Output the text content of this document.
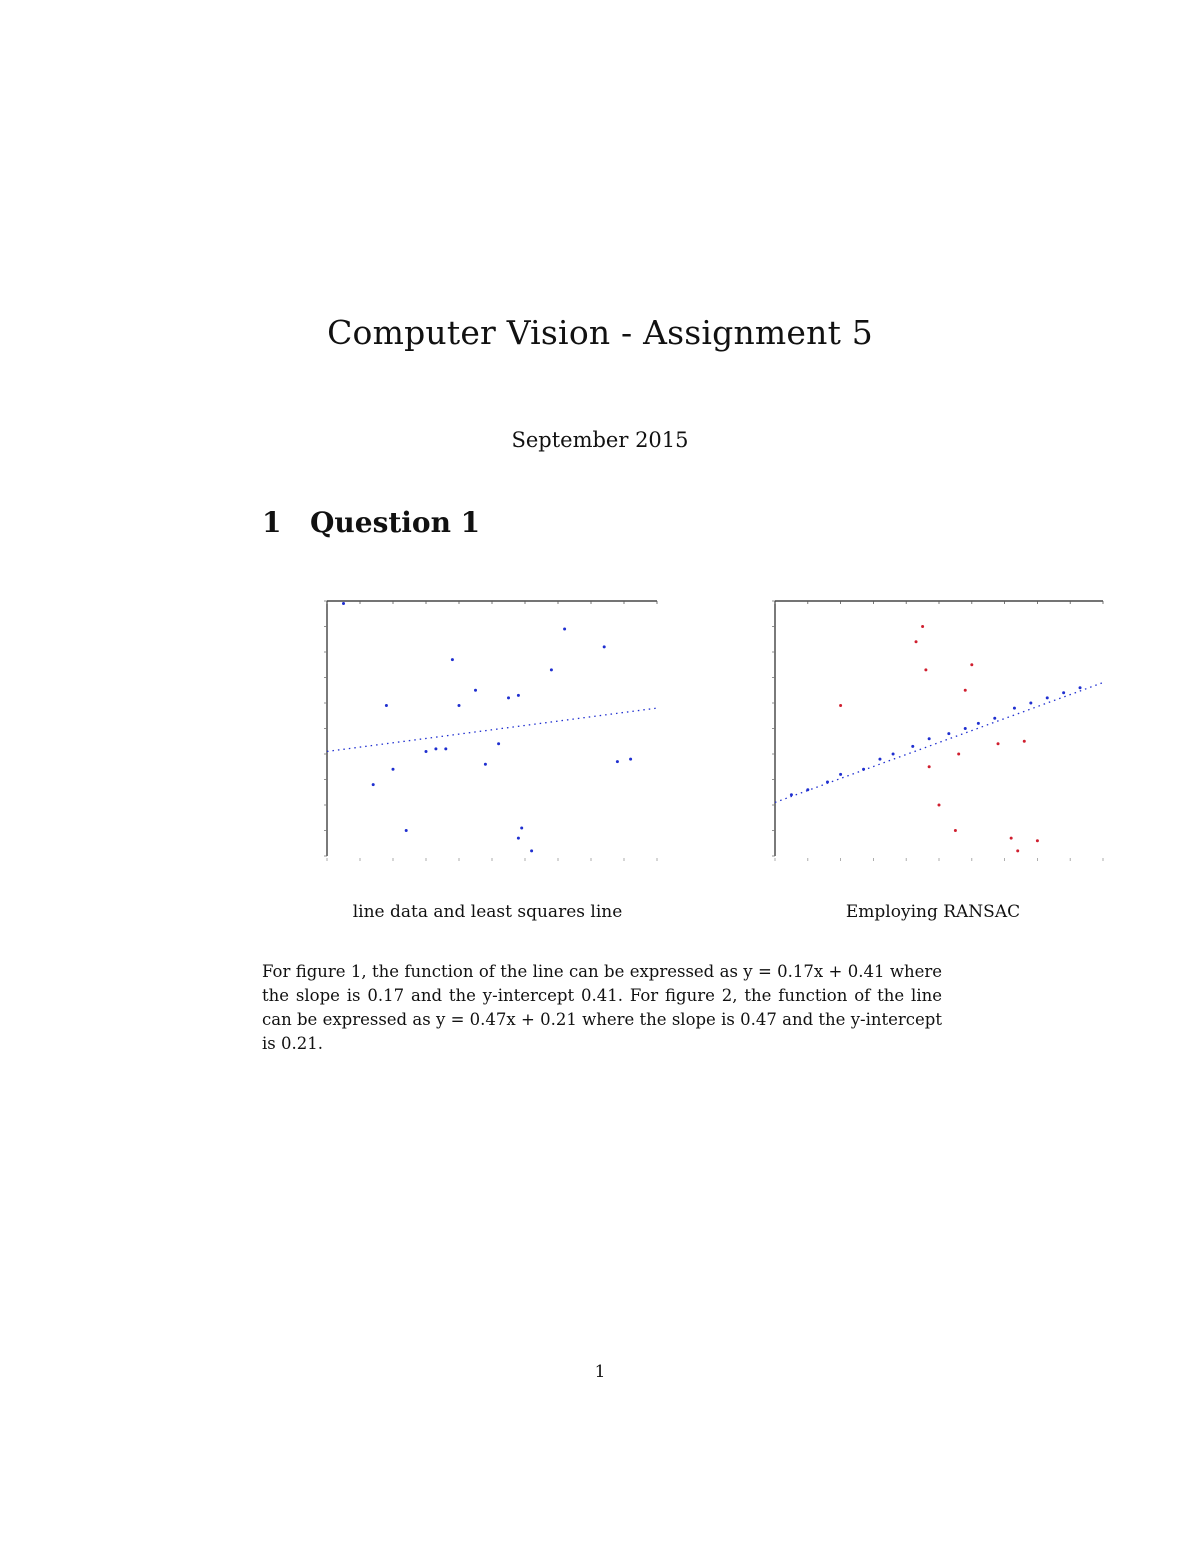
Computer Vision - Assignment 5
September 2015
1 Question 1
line data and least squares line	Employing RANSAC

For figure 1, the function of the line can be expressed as y = 0.17x + 0.41 where the slope is 0.17 and the y-intercept 0.41. For figure 2, the function of the line can be expressed as y = 0.47x + 0.21 where the slope is 0.47 and the y-intercept is 0.21.

1
